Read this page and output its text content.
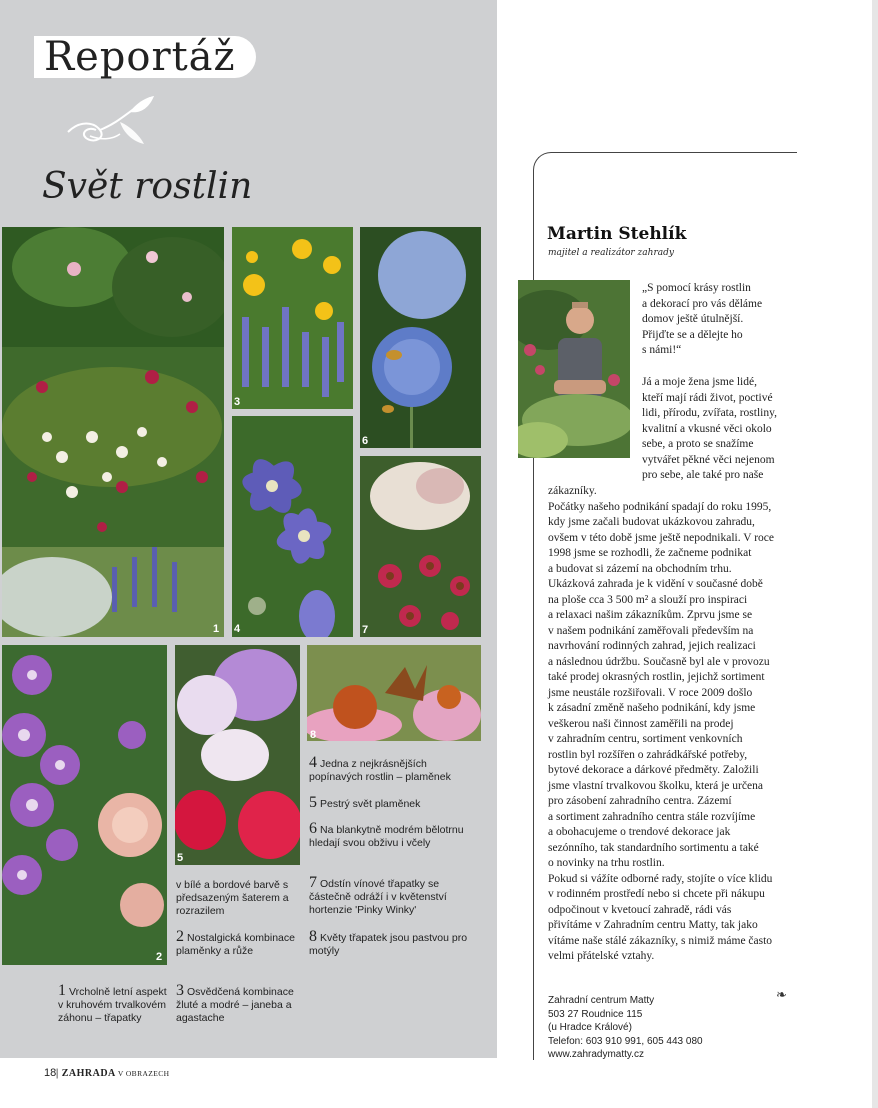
Reportáž
Svět rostlin
1
3
6
4	7
2
5
8
4 Jedna z nejkrásnějších popínavých rostlin – plaměnek
5 Pestrý svět plaměnek
6 Na blankytně modrém bělotrnu hledají svou obživu i včely
v bílé a bordové barvě s předsazeným šaterem a rozrazilem
7 Odstín vínové třapatky se částečně odráží i v květenství hortenzie 'Pinky Winky'
2 Nostalgická kombinace plaměnky a růže
8 Květy třapatek jsou pastvou pro motýly
1 Vrcholně letní aspekt v kruhovém trvalkovém záhonu – třapatky
3 Osvědčená kombinace žluté a modré – janeba a agastache
18 | ZAHRADA V OBRAZECH
Martin Stehlík
majitel a realizátor zahrady
„S pomocí krásy rostlin
a dekorací pro vás děláme
domov ještě útulnější.
Přijďte se a dělejte ho
s námi!“
Já a moje žena jsme lidé,
kteří mají rádi život, poctivé
lidi, přírodu, zvířata, rostliny,
kvalitní a vkusné věci okolo
sebe, a proto se snažíme
vytvářet pěkné věci nejenom
pro sebe, ale také pro naše
zákazníky.
Počátky našeho podnikání spadají do roku 1995,
kdy jsme začali budovat ukázkovou zahradu,
ovšem v této době jsme ještě nepodnikali. V roce
1998 jsme se rozhodli, že začneme podnikat
a budovat si zázemí na obchodním trhu.
Ukázková zahrada je k vidění v současné době
na ploše cca 3 500 m² a slouží pro inspiraci
a relaxaci našim zákazníkům. Zprvu jsme se
v našem podnikání zaměřovali především na
navrhování rodinných zahrad, jejich realizaci
a následnou údržbu. Současně byl ale v provozu
také prodej okrasných rostlin, jejichž sortiment
jsme neustále rozšiřovali. V roce 2009 došlo
k zásadní změně našeho podnikání, kdy jsme
veškerou naši činnost zaměřili na prodej
v zahradním centru, sortiment venkovních
rostlin byl rozšířen o zahrádkářské potřeby,
bytové dekorace a dárkové předměty. Založili
jsme vlastní trvalkovou školku, která je určena
pro zásobení zahradního centra. Zázemí
a sortiment zahradního centra stále rozvíjíme
a obohacujeme o trendové dekorace jak
sezónního, tak standardního sortimentu a také
o novinky na trhu rostlin.
Pokud si vážíte odborné rady, stojíte o více klidu
v rodinném prostředí nebo si chcete při nákupu
odpočinout v kvetoucí zahradě, rádi vás
přivítáme v Zahradním centru Matty, tak jako
vítáme naše stálé zákazníky, s nimiž máme často
velmi přátelské vztahy.
❧
Zahradní centrum Matty
503 27 Roudnice 115
(u Hradce Králové)
Telefon: 603 910 991, 605 443 080
www.zahradymatty.cz
